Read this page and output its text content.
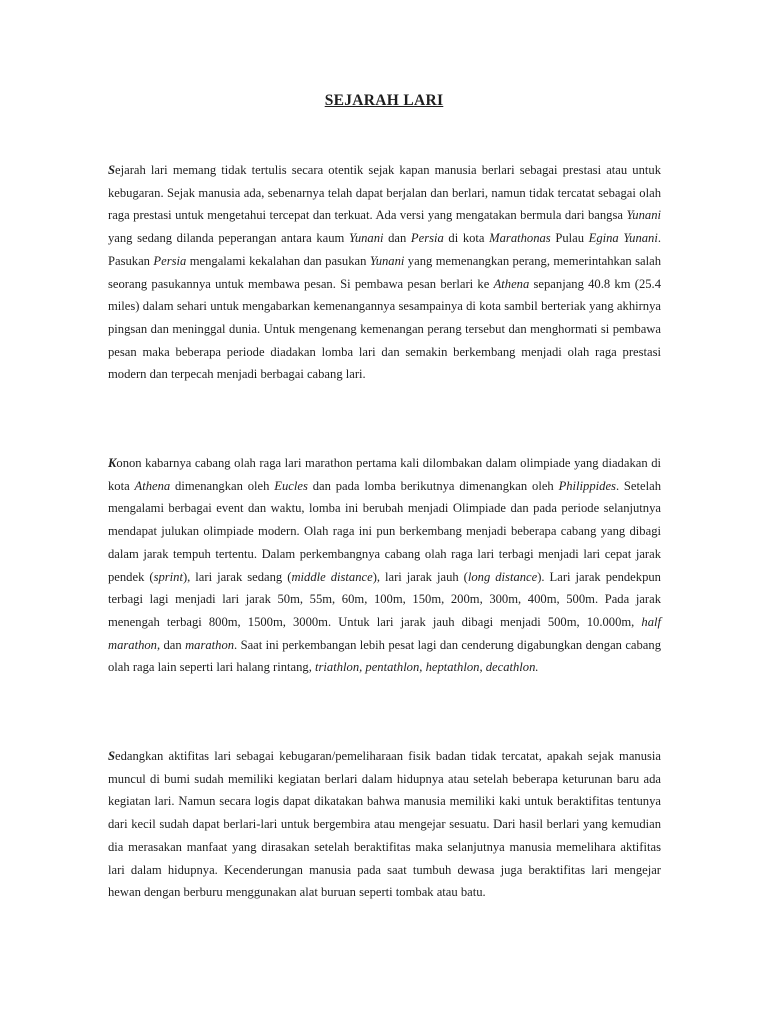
SEJARAH LARI

Sejarah lari memang tidak tertulis secara otentik sejak kapan manusia berlari sebagai prestasi atau untuk kebugaran. Sejak manusia ada, sebenarnya telah dapat berjalan dan berlari, namun tidak tercatat sebagai olah raga prestasi untuk mengetahui tercepat dan terkuat. Ada versi yang mengatakan bermula dari bangsa Yunani yang sedang dilanda peperangan antara kaum Yunani dan Persia di kota Marathonas Pulau Egina Yunani. Pasukan Persia mengalami kekalahan dan pasukan Yunani yang memenangkan perang, memerintahkan salah seorang pasukannya untuk membawa pesan. Si pembawa pesan berlari ke Athena sepanjang 40.8 km (25.4 miles) dalam sehari untuk mengabarkan kemenangannya sesampainya di kota sambil berteriak yang akhirnya pingsan dan meninggal dunia. Untuk mengenang kemenangan perang tersebut dan menghormati si pembawa pesan maka beberapa periode diadakan lomba lari dan semakin berkembang menjadi olah raga prestasi modern dan terpecah menjadi berbagai cabang lari.

Konon kabarnya cabang olah raga lari marathon pertama kali dilombakan dalam olimpiade yang diadakan di kota Athena dimenangkan oleh Eucles dan pada lomba berikutnya dimenangkan oleh Philippides. Setelah mengalami berbagai event dan waktu, lomba ini berubah menjadi Olimpiade dan pada periode selanjutnya mendapat julukan olimpiade modern. Olah raga ini pun berkembang menjadi beberapa cabang yang dibagi dalam jarak tempuh tertentu. Dalam perkembangnya cabang olah raga lari terbagi menjadi lari cepat jarak pendek (sprint), lari jarak sedang (middle distance), lari jarak jauh (long distance). Lari jarak pendekpun terbagi lagi menjadi lari jarak 50m, 55m, 60m, 100m, 150m, 200m, 300m, 400m, 500m. Pada jarak menengah terbagi 800m, 1500m, 3000m. Untuk lari jarak jauh dibagi menjadi 500m, 10.000m, half marathon, dan marathon. Saat ini perkembangan lebih pesat lagi dan cenderung digabungkan dengan cabang olah raga lain seperti lari halang rintang, triathlon, pentathlon, heptathlon, decathlon.

Sedangkan aktifitas lari sebagai kebugaran/pemeliharaan fisik badan tidak tercatat, apakah sejak manusia muncul di bumi sudah memiliki kegiatan berlari dalam hidupnya atau setelah beberapa keturunan baru ada kegiatan lari. Namun secara logis dapat dikatakan bahwa manusia memiliki kaki untuk beraktifitas tentunya dari kecil sudah dapat berlari-lari untuk bergembira atau mengejar sesuatu. Dari hasil berlari yang kemudian dia merasakan manfaat yang dirasakan setelah beraktifitas maka selanjutnya manusia memelihara aktifitas lari dalam hidupnya. Kecenderungan manusia pada saat tumbuh dewasa juga beraktifitas lari mengejar hewan dengan berburu menggunakan alat buruan seperti tombak atau batu.
